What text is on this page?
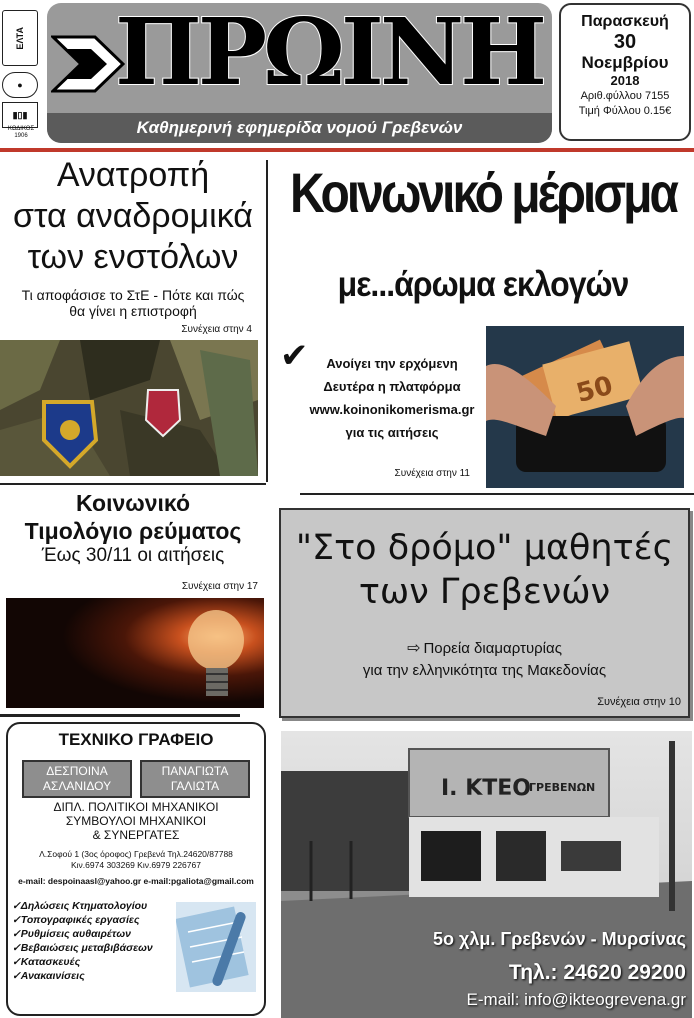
ΕΛΤΑ
●
▮▯▮
ΚΩΔΙΚΟΣ
1906
ΠΡΩΙΝΗ
Καθημερινή εφημερίδα νομού Γρεβενών
Παρασκευή
30
Νοεμβρίου
2018
Αριθ.φύλλου 7155
Τιμή Φύλλου 0.15€
Ανατροπή
στα αναδρομικά
των ενστόλων
Τι αποφάσισε το ΣτΕ - Πότε και πώς
θα γίνει η επιστροφή
Συνέχεια στην 4
Κοινωνικό
Τιμολόγιο ρεύματος
Έως 30/11 οι αιτήσεις
Συνέχεια στην 17
ΤΕΧΝΙΚΟ ΓΡΑΦΕΙΟ
ΔΕΣΠΟΙΝΑ
ΑΣΛΑΝΙΔΟΥ
ΠΑΝΑΓΙΩΤΑ
ΓΑΛΙΩΤΑ
ΔΙΠΛ. ΠΟΛΙΤΙΚΟΙ ΜΗΧΑΝΙΚΟΙ
ΣΥΜΒΟΥΛΟΙ ΜΗΧΑΝΙΚΟΙ
& ΣΥΝΕΡΓΑΤΕΣ
Λ.Σοφού 1 (3ος όροφος) Γρεβενά Τηλ.24620/87788
Κιν.6974 303269 Κιν.6979 226767
e-mail: despoinaasl@yahoo.gr e-mail:pgaliota@gmail.com
✓Δηλώσεις Κτηματολογίου
✓Τοπογραφικές εργασίες
✓Ρυθμίσεις αυθαιρέτων
✓Βεβαιώσεις μεταβιβάσεων
✓Κατασκευές
✓Ανακαινίσεις
Κοινωνικό μέρισμα
με...άρωμα εκλογών
✔	Ανοίγει την ερχόμενη
Δευτέρα η πλατφόρμα
www.koinonikomerisma.gr
για τις αιτήσεις
Συνέχεια στην 11
50
"Στο δρόμο" μαθητές
των Γρεβενών
⇨ Πορεία διαμαρτυρίας
για την ελληνικότητα της Μακεδονίας
Συνέχεια στην 10
I. ΚΤΕΟ
ΓΡΕΒΕΝΩΝ
5ο χλμ. Γρεβενών - Μυρσίνας
Τηλ.: 24620 29200
E-mail: info@ikteogrevena.gr
